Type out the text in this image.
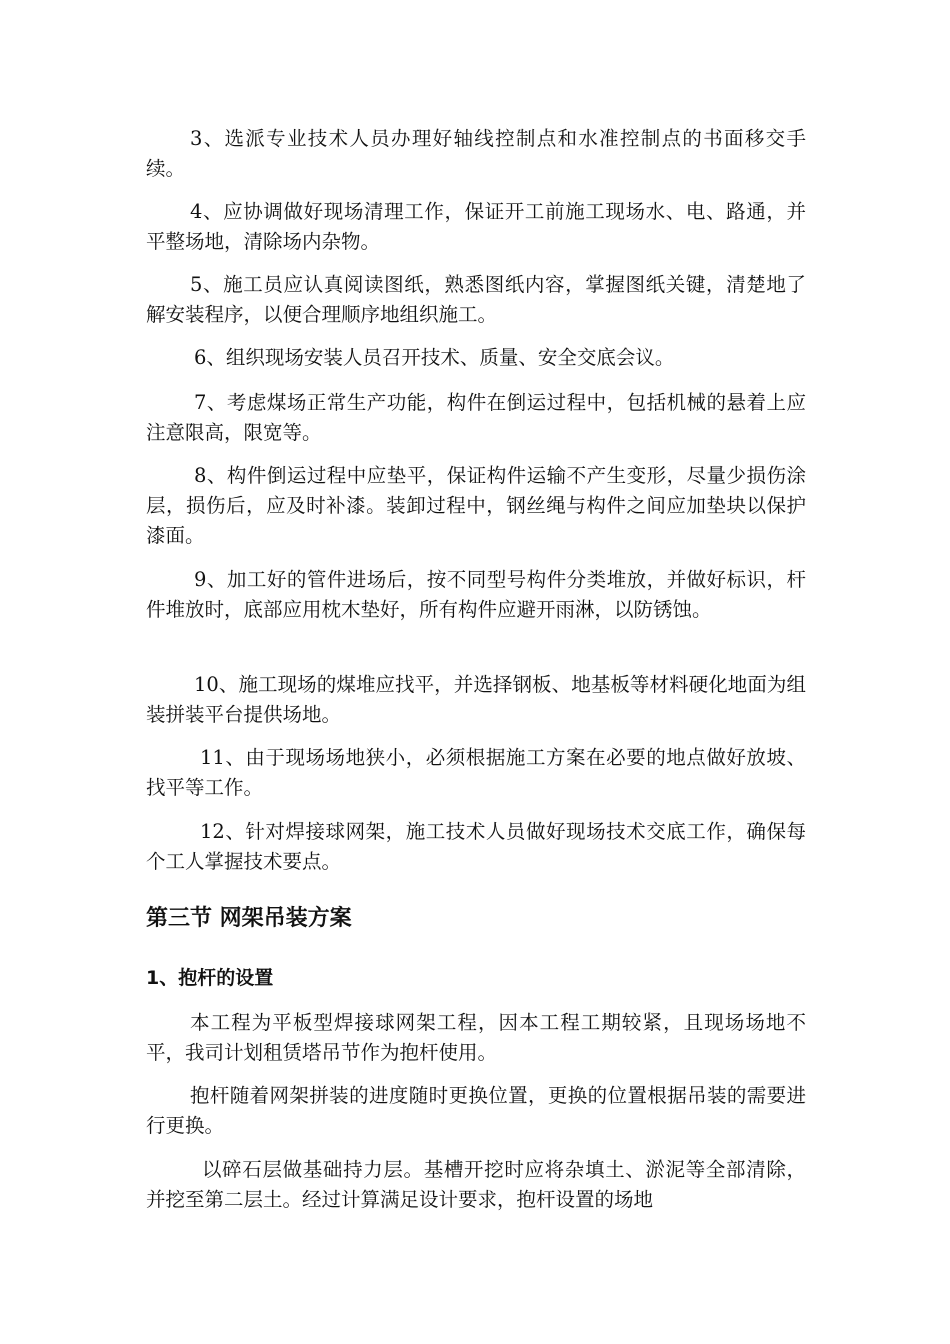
3、选派专业技术人员办理好轴线控制点和水准控制点的书面移交手续。

4、应协调做好现场清理工作，保证开工前施工现场水、电、路通，并平整场地，清除场内杂物。

5、施工员应认真阅读图纸，熟悉图纸内容，掌握图纸关键，清楚地了解安装程序，以便合理顺序地组织施工。

6、组织现场安装人员召开技术、质量、安全交底会议。

7、考虑煤场正常生产功能，构件在倒运过程中，包括机械的悬着上应注意限高，限宽等。

8、构件倒运过程中应垫平，保证构件运输不产生变形，尽量少损伤涂层，损伤后，应及时补漆。装卸过程中，钢丝绳与构件之间应加垫块以保护漆面。

9、加工好的管件进场后，按不同型号构件分类堆放，并做好标识，杆件堆放时，底部应用枕木垫好，所有构件应避开雨淋，以防锈蚀。

10、施工现场的煤堆应找平，并选择钢板、地基板等材料硬化地面为组装拼装平台提供场地。

11、由于现场场地狭小，必须根据施工方案在必要的地点做好放坡、找平等工作。

12、针对焊接球网架，施工技术人员做好现场技术交底工作，确保每个工人掌握技术要点。

第三节 网架吊装方案
1、抱杆的设置

本工程为平板型焊接球网架工程，因本工程工期较紧，且现场场地不平，我司计划租赁塔吊节作为抱杆使用。

抱杆随着网架拼装的进度随时更换位置，更换的位置根据吊装的需要进行更换。

以碎石层做基础持力层。基槽开挖时应将杂填土、淤泥等全部清除，并挖至第二层土。经过计算满足设计要求，抱杆设置的场地
